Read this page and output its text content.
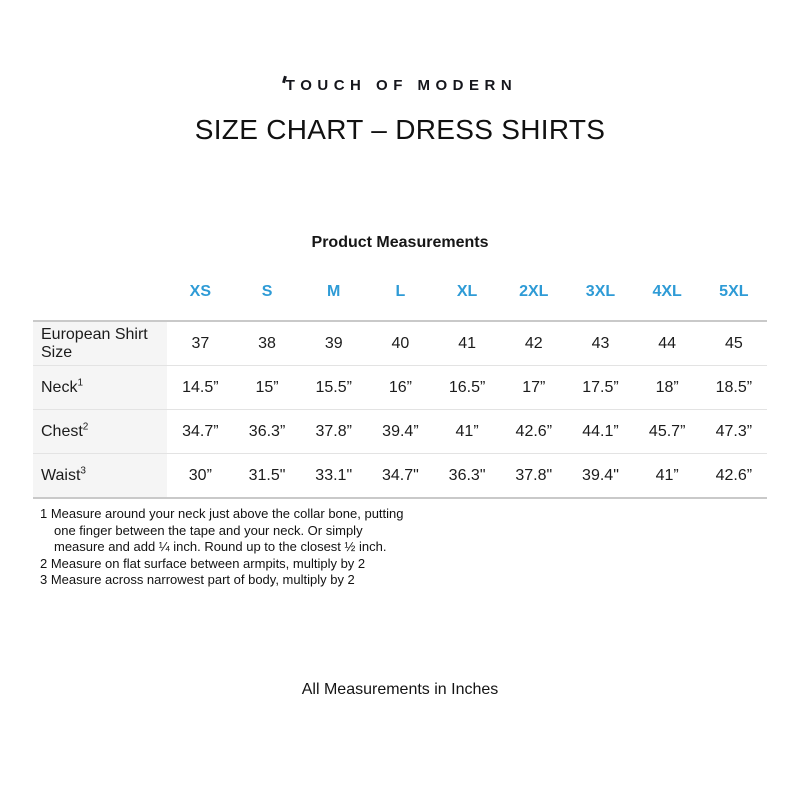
TOUCH OF MODERN
SIZE CHART – DRESS SHIRTS
Product Measurements
	XS	S	M	L	XL	2XL	3XL	4XL	5XL
European Shirt Size	37	38	39	40	41	42	43	44	45
Neck$^1$	14.5”	15”	15.5”	16”	16.5”	17”	17.5”	18”	18.5”
Chest$^2$	34.7”	36.3”	37.8”	39.4”	41”	42.6”	44.1”	45.7”	47.3”
Waist$^3$	30”	31.5"	33.1"	34.7"	36.3"	37.8"	39.4"	41”	42.6”
1 Measure around your neck just above the collar bone, putting
one finger between the tape and your neck. Or simply
measure and add ¼ inch. Round up to the closest ½ inch.
2 Measure on flat surface between armpits, multiply by 2
3 Measure across narrowest part of body, multiply by 2
All Measurements in Inches
